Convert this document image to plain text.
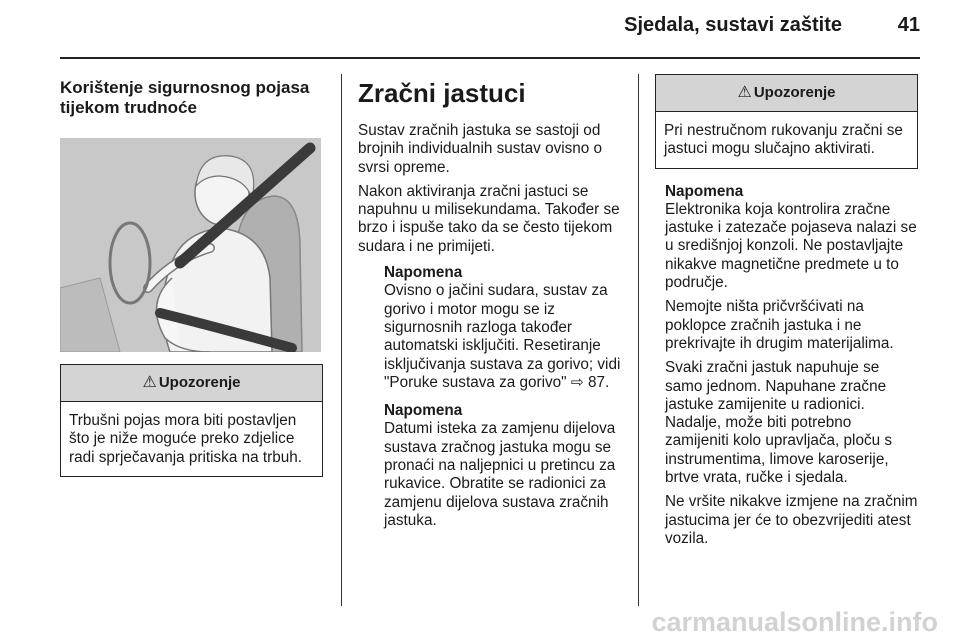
Sjedala, sustavi zaštite	41
Korištenje sigurnosnog pojasa tijekom trudnoće
⚠ Upozorenje
Trbušni pojas mora biti postavljen što je niže moguće preko zdjelice radi sprječavanja pritiska na trbuh.
Zračni jastuci

Sustav zračnih jastuka se sastoji od brojnih individualnih sustav ovisno o svrsi opreme.

Nakon aktiviranja zračni jastuci se napuhnu u milisekundama. Također se brzo i ispuše tako da se često tijekom sudara i ne primijeti.

Napomena
Ovisno o jačini sudara, sustav za gorivo i motor mogu se iz sigurnosnih razloga također automatski isključiti. Resetiranje isključivanja sustava za gorivo; vidi "Poruke sustava za gorivo" ⇨ 87.
Napomena
Datumi isteka za zamjenu dijelova sustava zračnog jastuka mogu se pronaći na naljepnici u pretincu za rukavice. Obratite se radionici za zamjenu dijelova sustava zračnih jastuka.
⚠ Upozorenje
Pri nestručnom rukovanju zračni se jastuci mogu slučajno aktivirati.
Napomena

Elektronika koja kontrolira zračne jastuke i zatezače pojaseva nalazi se u središnjoj konzoli. Ne postavljajte nikakve magnetične predmete u to područje.

Nemojte ništa pričvršćivati na poklopce zračnih jastuka i ne prekrivajte ih drugim materijalima.

Svaki zračni jastuk napuhuje se samo jednom. Napuhane zračne jastuke zamijenite u radionici. Nadalje, može biti potrebno zamijeniti kolo upravljača, ploču s instrumentima, limove karoserije, brtve vrata, ručke i sjedala.

Ne vršite nikakve izmjene na zračnim jastucima jer će to obezvrijediti atest vozila.

carmanualsonline.info
